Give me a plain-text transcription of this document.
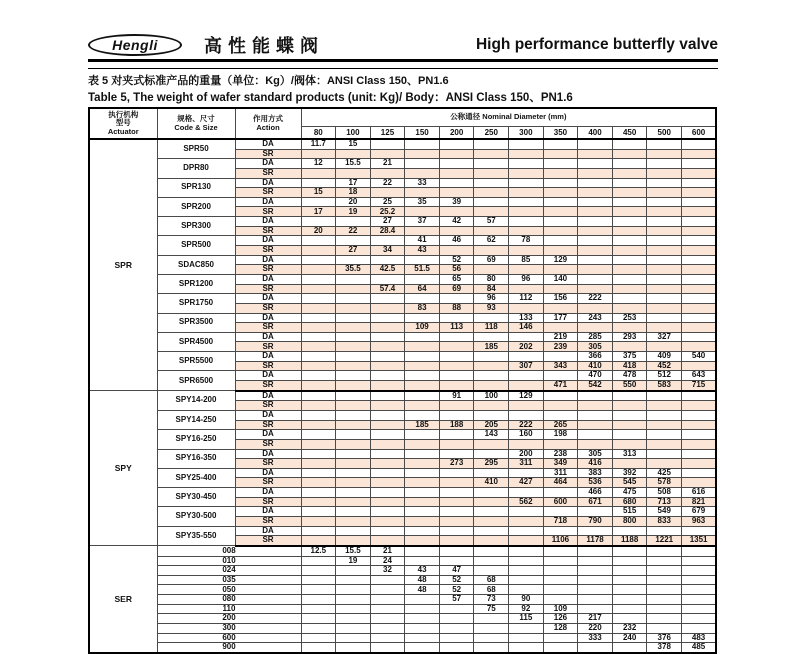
Hengli	高性能蝶阀	High performance butterfly valve
表 5 对夹式标准产品的重量（单位：Kg）/阀体：ANSI Class 150、PN1.6
Table 5, The weight of wafer standard products (unit: Kg)/ Body：ANSI Class 150、PN1.6
执行机构
型号
Actuator	规格、尺寸
Code & Size	作用方式
Action	公称通径 Nominal Diameter (mm)											
			80	100	125	150	200	250	300	350	400	450	500	600
SPR	SPR50	DA	11.7	15										
		SR												
	DPR80	DA	12	15.5	21									
		SR												
	SPR130	DA		17	22	33								
		SR	15	18										
	SPR200	DA		20	25	35	39							
		SR	17	19	25.2									
	SPR300	DA			27	37	42	57						
		SR	20	22	28.4									
	SPR500	DA				41	46	62	78					
		SR		27	34	43								
	SDAC850	DA					52	69	85	129				
		SR		35.5	42.5	51.5	56							
	SPR1200	DA					65	80	96	140				
		SR			57.4	64	69	84						
	SPR1750	DA						96	112	156	222			
		SR				83	88	93						
	SPR3500	DA							133	177	243	253		
		SR				109	113	118	146					
	SPR4500	DA								219	285	293	327	
		SR						185	202	239	305			
	SPR5500	DA									366	375	409	540
		SR							307	343	410	418	452	
	SPR6500	DA									470	478	512	643
		SR								471	542	550	583	715
SPY	SPY14-200	DA					91	100	129					
		SR												
	SPY14-250	DA												
		SR				185	188	205	222	265				
	SPY16-250	DA						143	160	198				
		SR												
	SPY16-350	DA							200	238	305	313		
		SR					273	295	311	349	416			
	SPY25-400	DA								311	383	392	425	
		SR						410	427	464	536	545	578	
	SPY30-450	DA									466	475	508	616
		SR							562	600	671	680	713	821
	SPY30-500	DA										515	549	679
		SR								718	790	800	833	963
	SPY35-550	DA												
		SR								1106	1178	1188	1221	1351
SER	008		12.5	15.5	21									
	010			19	24									
	024				32	43	47							
	035					48	52	68						
	050					48	52	68						
	080						57	73	90					
	110							75	92	109				
	200								115	126	217			
	300									128	220	232		
	600										333	240	376	483
	900												378	485
